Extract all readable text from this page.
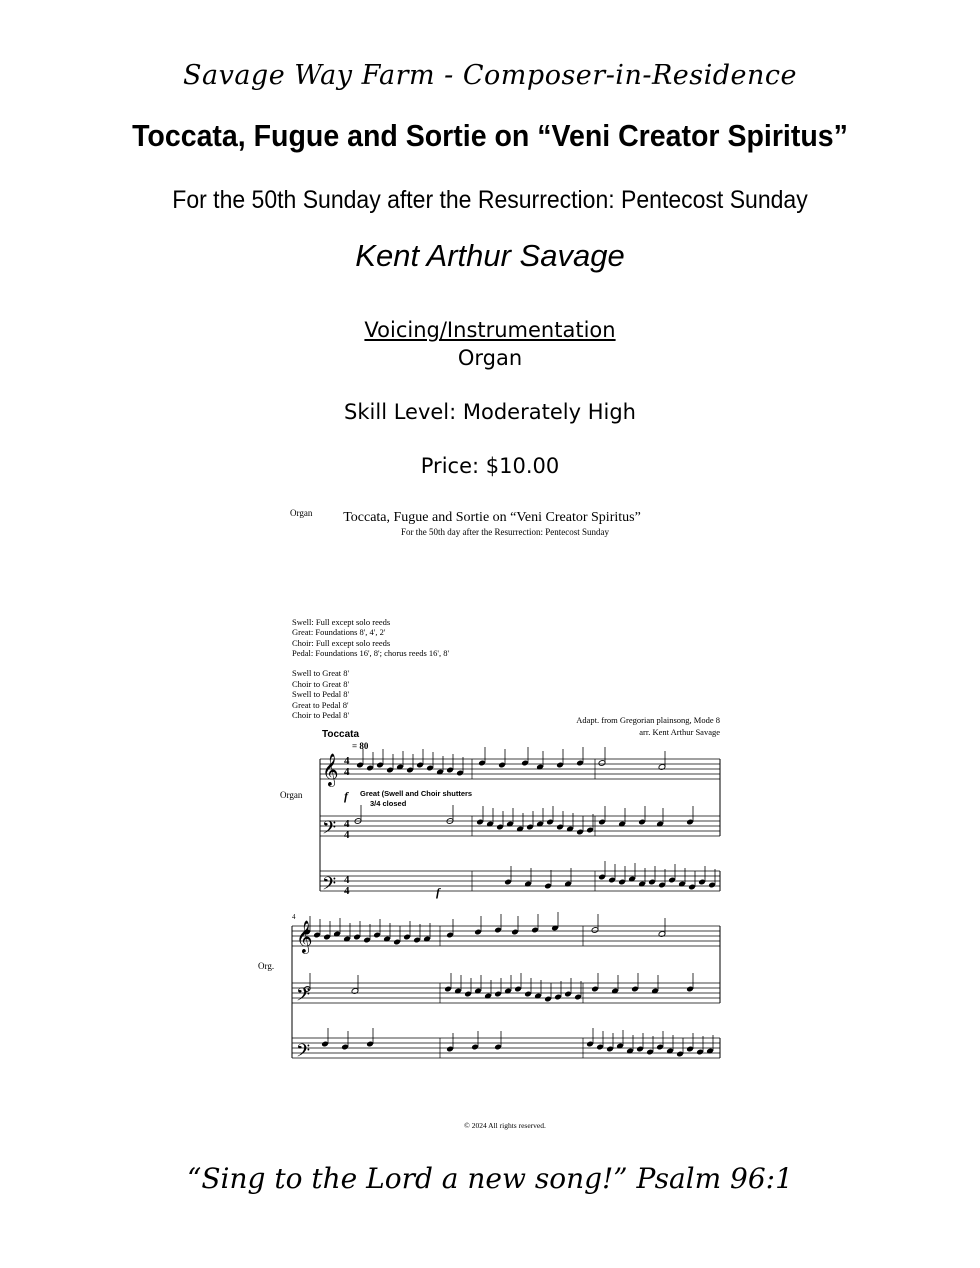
Savage Way Farm - Composer-in-Residence
Toccata, Fugue and Sortie on “Veni Creator Spiritus”
For the 50th Sunday after the Resurrection: Pentecost Sunday
Kent Arthur Savage
Voicing/Instrumentation
Organ
Skill Level: Moderately High
Price: $10.00
Organ Toccata, Fugue and Sortie on “Veni Creator Spiritus”
For the 50th day after the Resurrection: Pentecost Sunday
Swell: Full except solo reeds
Great: Foundations 8', 4', 2'
Choir: Full except solo reeds
Pedal: Foundations 16', 8'; chorus reeds 16', 8'
Swell to Great 8'
Choir to Great 8'
Swell to Pedal 8'
Great to Pedal 8'
Choir to Pedal 8'	Adapt. from Gregorian plainsong, Mode 8
arr. Kent Arthur Savage
Toccata
= 80
f Great (Swell and Choir shutters
3/4 closed
Organ
Org.
4
f
© 2024 All rights reserved.
𝄞
𝄢
𝄢
𝄞
𝄢
𝄢
4
4
4
4
4
4
“Sing to the Lord a new song!” Psalm 96:1
